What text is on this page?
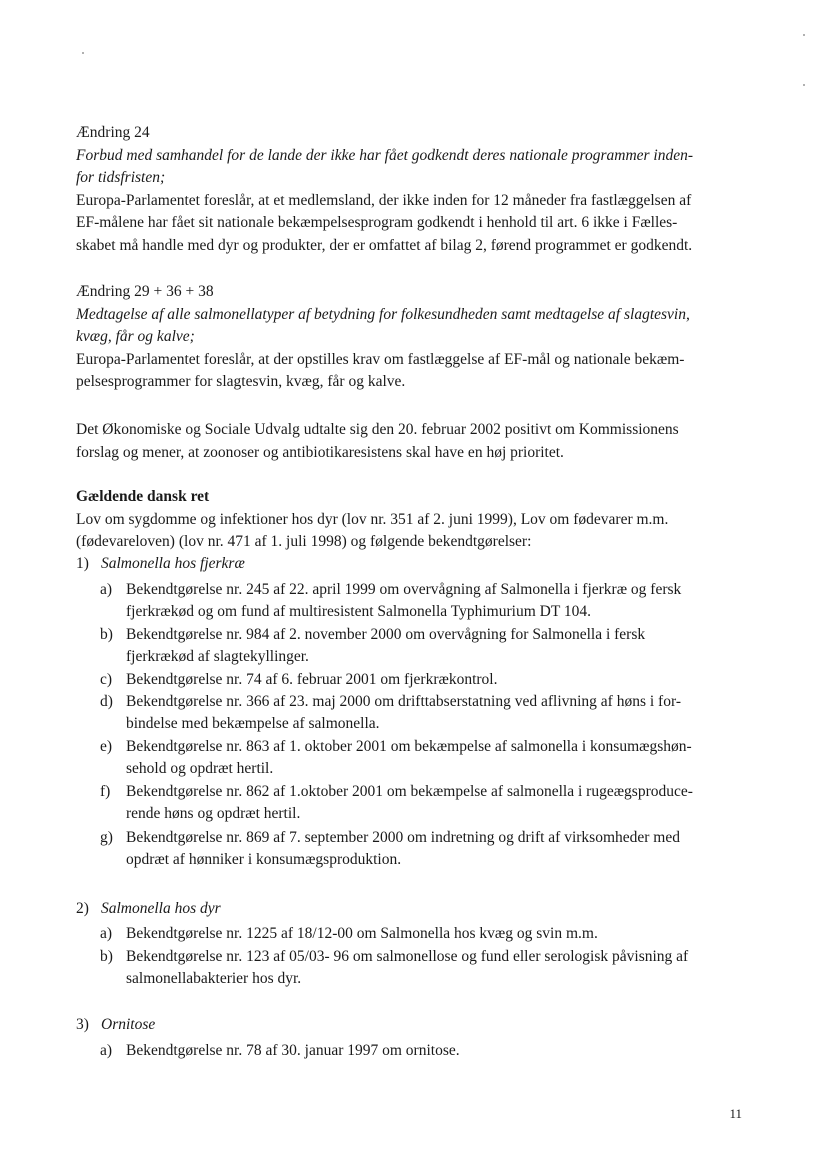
Ændring 24

Forbud med samhandel for de lande der ikke har fået godkendt deres nationale programmer inden-

for tidsfristen;

Europa-Parlamentet foreslår, at et medlemsland, der ikke inden for 12 måneder fra fastlæggelsen af

EF-målene har fået sit nationale bekæmpelsesprogram godkendt i henhold til art. 6 ikke i Fælles-

skabet må handle med dyr og produkter, der er omfattet af bilag 2, førend programmet er godkendt.

Ændring 29 + 36 + 38

Medtagelse af alle salmonellatyper af betydning for folkesundheden samt medtagelse af slagtesvin,

kvæg, får og kalve;

Europa-Parlamentet foreslår, at der opstilles krav om fastlæggelse af EF-mål og nationale bekæm-

pelsesprogrammer for slagtesvin, kvæg, får og kalve.

Det Økonomiske og Sociale Udvalg udtalte sig den 20. februar 2002 positivt om Kommissionens

forslag og mener, at zoonoser og antibiotikaresistens skal have en høj prioritet.

Gældende dansk ret

Lov om sygdomme og infektioner hos dyr (lov nr. 351 af 2. juni 1999), Lov om fødevarer m.m.

(fødevareloven) (lov nr. 471 af 1. juli 1998) og følgende bekendtgørelser:

1) Salmonella hos fjerkræ
a) Bekendtgørelse nr. 245 af 22. april 1999 om overvågning af Salmonella i fjerkræ og fersk
fjerkrækød og om fund af multiresistent Salmonella Typhimurium DT 104.
b) Bekendtgørelse nr. 984 af 2. november 2000 om overvågning for Salmonella i fersk
fjerkrækød af slagtekyllinger.
c) Bekendtgørelse nr. 74 af 6. februar 2001 om fjerkrækontrol.
d) Bekendtgørelse nr. 366 af 23. maj 2000 om drifttabserstatning ved aflivning af høns i for-
bindelse med bekæmpelse af salmonella.
e) Bekendtgørelse nr. 863 af 1. oktober 2001 om bekæmpelse af salmonella i konsumægshøn-
sehold og opdræt hertil.
f)	Bekendtgørelse nr. 862 af 1.oktober 2001 om bekæmpelse af salmonella i rugeægsproduce-
rende høns og opdræt hertil.
g) Bekendtgørelse nr. 869 af 7. september 2000 om indretning og drift af virksomheder med
opdræt af hønniker i konsumægsproduktion.
2) Salmonella hos dyr
a) Bekendtgørelse nr. 1225 af 18/12-00 om Salmonella hos kvæg og svin m.m.
b) Bekendtgørelse nr. 123 af 05/03- 96 om salmonellose og fund eller serologisk påvisning af
salmonellabakterier hos dyr.
3) Ornitose
a) Bekendtgørelse nr. 78 af 30. januar 1997 om ornitose.
11
